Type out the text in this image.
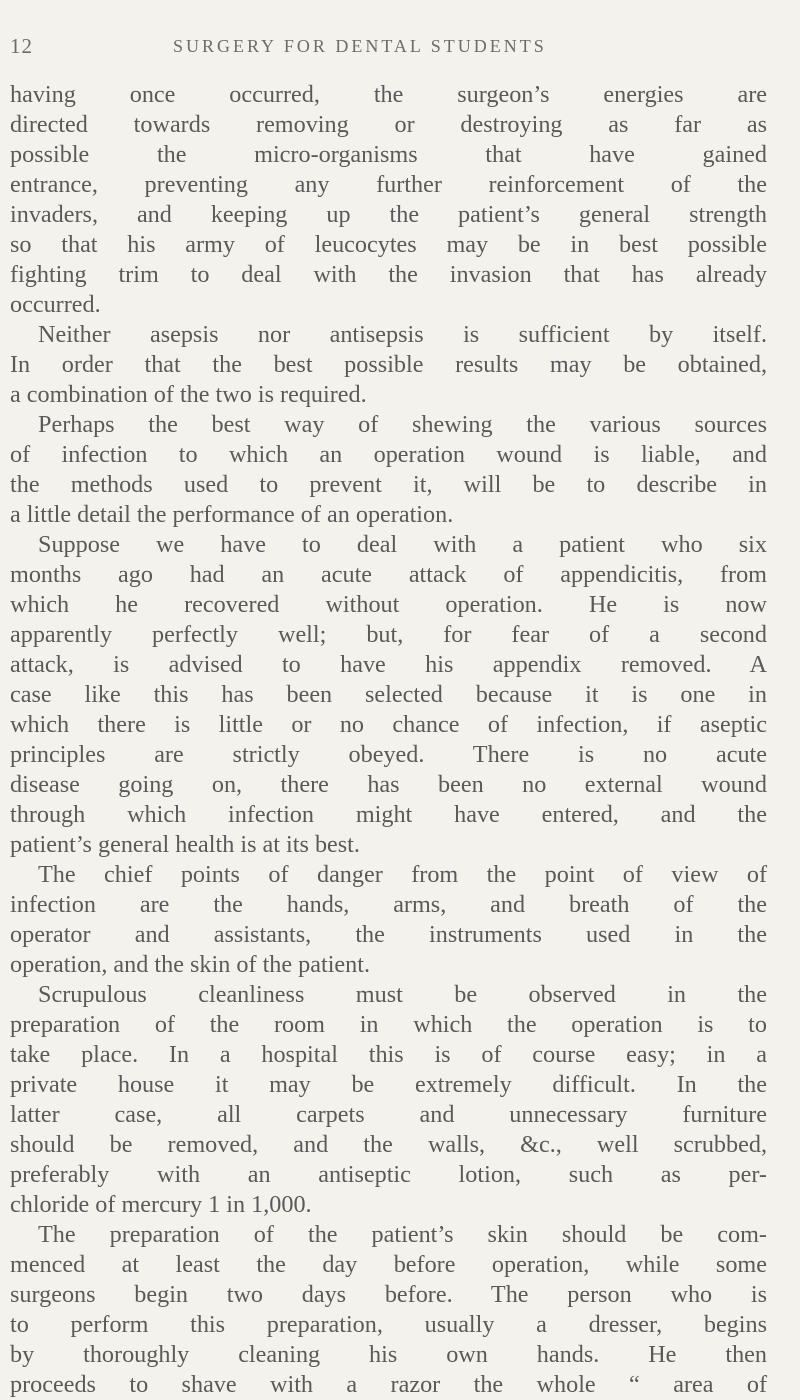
12	SURGERY FOR DENTAL STUDENTS
having once occurred, the surgeon’s energies are
directed towards removing or destroying as far as
possible the micro-organisms that have gained
entrance, preventing any further reinforcement of the
invaders, and keeping up the patient’s general strength
so that his army of leucocytes may be in best possible
fighting trim to deal with the invasion that has already
occurred.
Neither asepsis nor antisepsis is sufficient by itself.
In order that the best possible results may be obtained,
a combination of the two is required.
Perhaps the best way of shewing the various sources
of infection to which an operation wound is liable, and
the methods used to prevent it, will be to describe in
a little detail the performance of an operation.
Suppose we have to deal with a patient who six
months ago had an acute attack of appendicitis, from
which he recovered without operation. He is now
apparently perfectly well; but, for fear of a second
attack, is advised to have his appendix removed. A
case like this has been selected because it is one in
which there is little or no chance of infection, if aseptic
principles are strictly obeyed. There is no acute
disease going on, there has been no external wound
through which infection might have entered, and the
patient’s general health is at its best.
The chief points of danger from the point of view of
infection are the hands, arms, and breath of the
operator and assistants, the instruments used in the
operation, and the skin of the patient.
Scrupulous cleanliness must be observed in the
preparation of the room in which the operation is to
take place. In a hospital this is of course easy; in a
private house it may be extremely difficult. In the
latter case, all carpets and unnecessary furniture
should be removed, and the walls, &c., well scrubbed,
preferably with an antiseptic lotion, such as per-
chloride of mercury 1 in 1,000.
The preparation of the patient’s skin should be com-
menced at least the day before operation, while some
surgeons begin two days before. The person who is
to perform this preparation, usually a dresser, begins
by thoroughly cleaning his own hands. He then
proceeds to shave with a razor the whole “ area of
